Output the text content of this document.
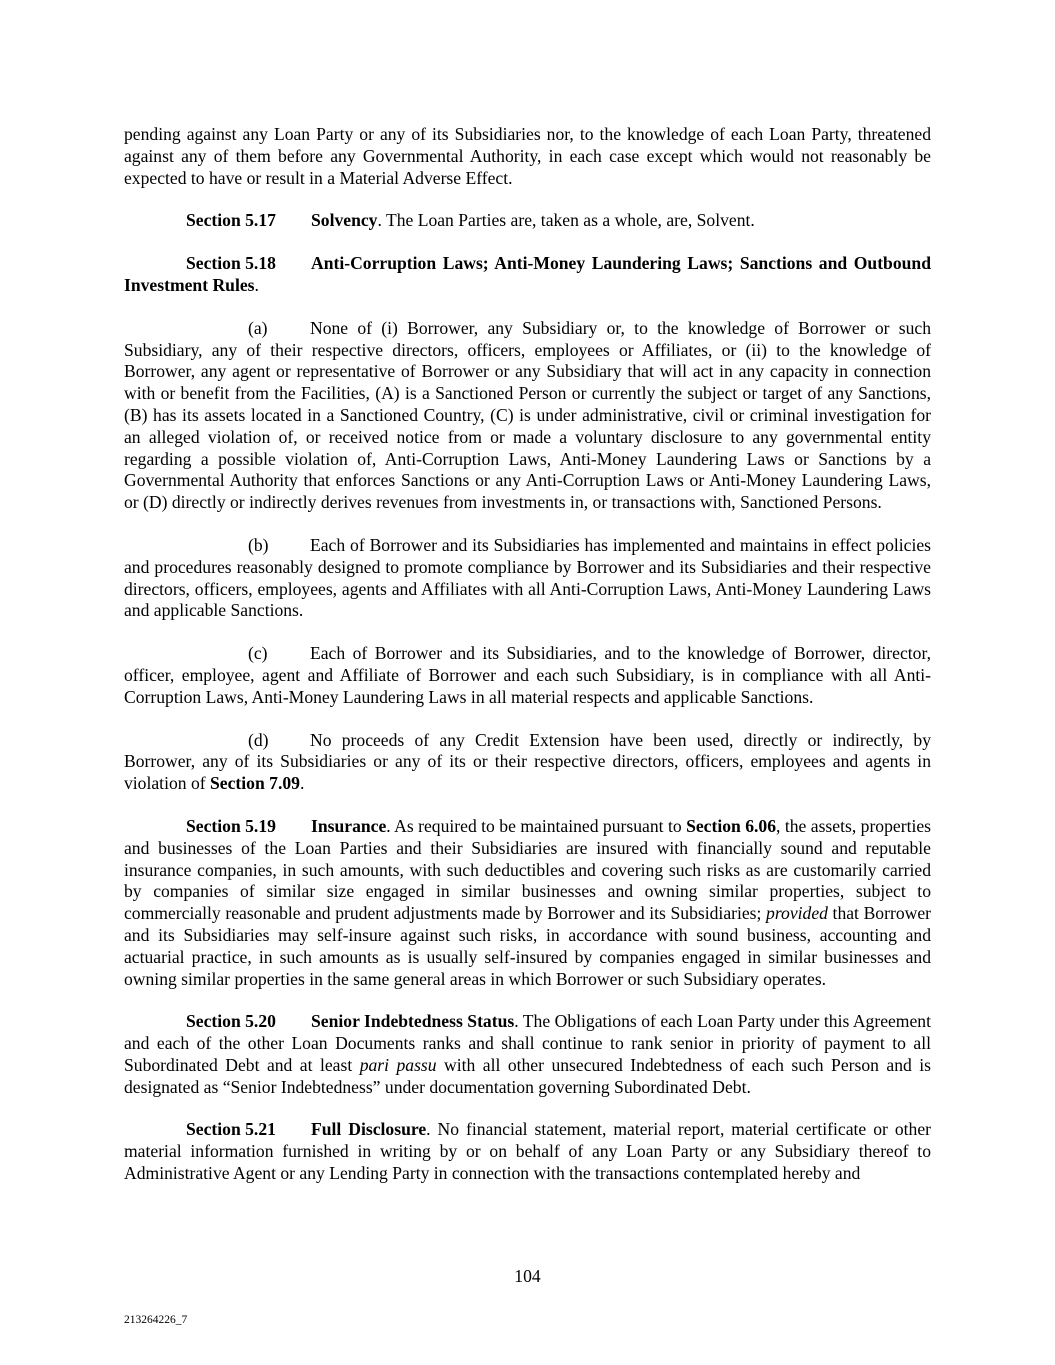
pending against any Loan Party or any of its Subsidiaries nor, to the knowledge of each Loan Party, threatened against any of them before any Governmental Authority, in each case except which would not reasonably be expected to have or result in a Material Adverse Effect.

Section 5.17 Solvency. The Loan Parties are, taken as a whole, are, Solvent.

Section 5.18 Anti-Corruption Laws; Anti-Money Laundering Laws; Sanctions and Outbound Investment Rules.

(a) None of (i) Borrower, any Subsidiary or, to the knowledge of Borrower or such Subsidiary, any of their respective directors, officers, employees or Affiliates, or (ii) to the knowledge of Borrower, any agent or representative of Borrower or any Subsidiary that will act in any capacity in connection with or benefit from the Facilities, (A) is a Sanctioned Person or currently the subject or target of any Sanctions, (B) has its assets located in a Sanctioned Country, (C) is under administrative, civil or criminal investigation for an alleged violation of, or received notice from or made a voluntary disclosure to any governmental entity regarding a possible violation of, Anti-Corruption Laws, Anti-Money Laundering Laws or Sanctions by a Governmental Authority that enforces Sanctions or any Anti-Corruption Laws or Anti-Money Laundering Laws, or (D) directly or indirectly derives revenues from investments in, or transactions with, Sanctioned Persons.

(b) Each of Borrower and its Subsidiaries has implemented and maintains in effect policies and procedures reasonably designed to promote compliance by Borrower and its Subsidiaries and their respective directors, officers, employees, agents and Affiliates with all Anti-Corruption Laws, Anti-Money Laundering Laws and applicable Sanctions.

(c) Each of Borrower and its Subsidiaries, and to the knowledge of Borrower, director, officer, employee, agent and Affiliate of Borrower and each such Subsidiary, is in compliance with all Anti-Corruption Laws, Anti-Money Laundering Laws in all material respects and applicable Sanctions.

(d) No proceeds of any Credit Extension have been used, directly or indirectly, by Borrower, any of its Subsidiaries or any of its or their respective directors, officers, employees and agents in violation of Section 7.09.

Section 5.19 Insurance. As required to be maintained pursuant to Section 6.06, the assets, properties and businesses of the Loan Parties and their Subsidiaries are insured with financially sound and reputable insurance companies, in such amounts, with such deductibles and covering such risks as are customarily carried by companies of similar size engaged in similar businesses and owning similar properties, subject to commercially reasonable and prudent adjustments made by Borrower and its Subsidiaries; provided that Borrower and its Subsidiaries may self-insure against such risks, in accordance with sound business, accounting and actuarial practice, in such amounts as is usually self-insured by companies engaged in similar businesses and owning similar properties in the same general areas in which Borrower or such Subsidiary operates.

Section 5.20 Senior Indebtedness Status. The Obligations of each Loan Party under this Agreement and each of the other Loan Documents ranks and shall continue to rank senior in priority of payment to all Subordinated Debt and at least pari passu with all other unsecured Indebtedness of each such Person and is designated as “Senior Indebtedness” under documentation governing Subordinated Debt.

Section 5.21 Full Disclosure. No financial statement, material report, material certificate or other material information furnished in writing by or on behalf of any Loan Party or any Subsidiary thereof to Administrative Agent or any Lending Party in connection with the transactions contemplated hereby and

104
213264226_7
